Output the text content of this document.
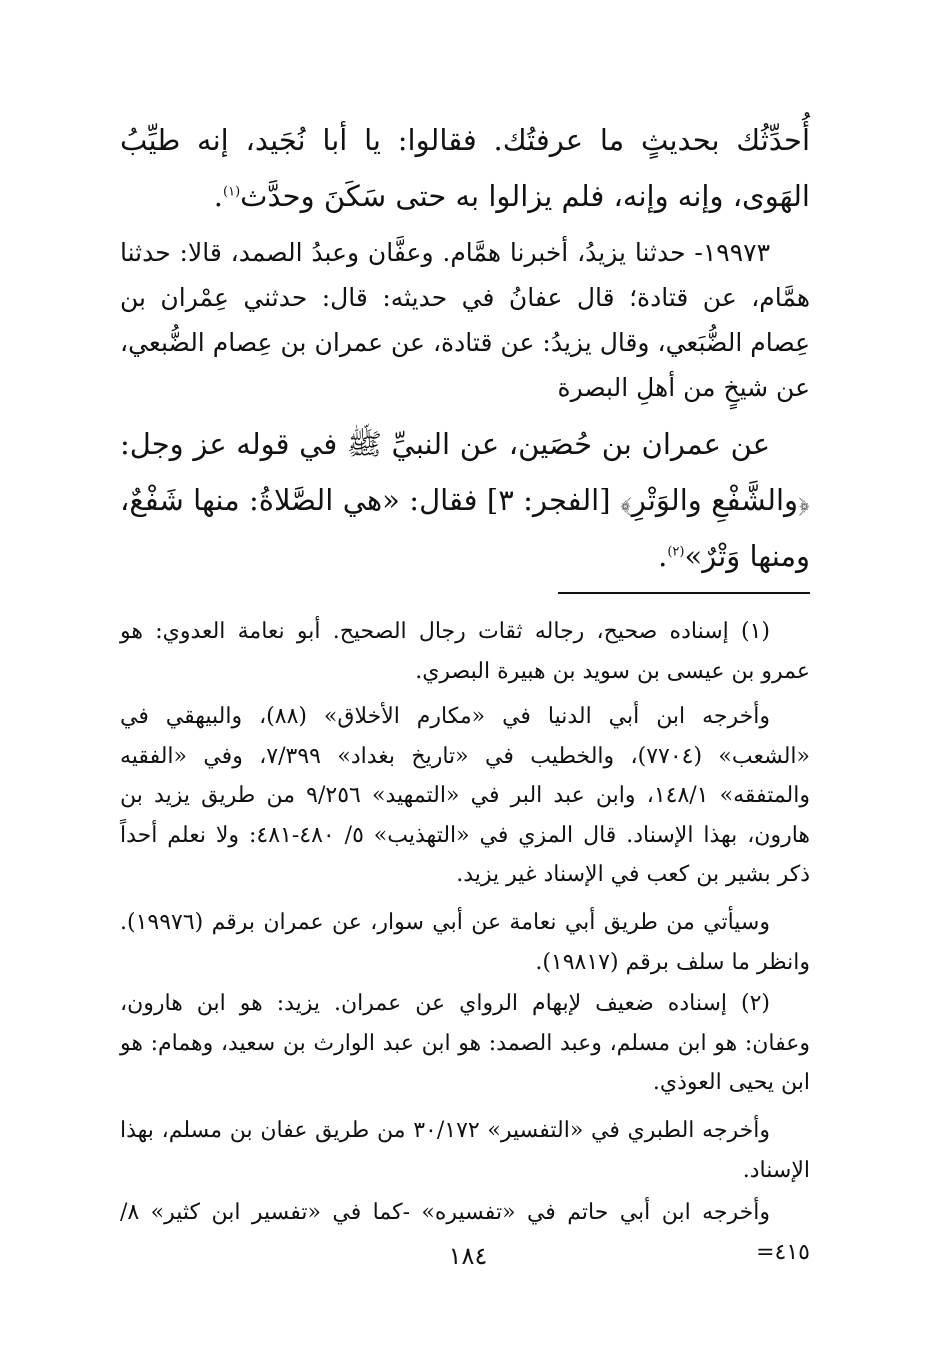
أُحدِّثُك بحديثٍ ما عرفتُك. فقالوا: يا أبا نُجَيد، إنه طيِّبُ الهَوى، وإنه وإنه، فلم يزالوا به حتى سَكَنَ وحدَّث$^{(١)}$.

١٩٩٧٣- حدثنا يزيدُ، أخبرنا همَّام. وعفَّان وعبدُ الصمد، قالا: حدثنا همَّام، عن قتادة؛ قال عفانُ في حديثه: قال: حدثني عِمْران بن عِصام الضُّبَعي، وقال يزيدُ: عن قتادة، عن عمران بن عِصام الضُّبعي، عن شيخٍ من أهلِ البصرة

عن عمران بن حُصَين، عن النبيِّ ﷺ في قوله عز وجل: ﴿والشَّفْعِ والوَتْرِ﴾ [الفجر: ٣] فقال: «هي الصَّلاةُ: منها شَفْعٌ، ومنها وَتْرٌ»$^{(٢)}$.

(١) إسناده صحيح، رجاله ثقات رجال الصحيح. أبو نعامة العدوي: هو عمرو بن عيسى بن سويد بن هبيرة البصري.

وأخرجه ابن أبي الدنيا في «مكارم الأخلاق» (٨٨)، والبيهقي في «الشعب» (٧٧٠٤)، والخطيب في «تاريخ بغداد» ٧/٣٩٩، وفي «الفقيه والمتفقه» ١٤٨/١، وابن عبد البر في «التمهيد» ٩/٢٥٦ من طريق يزيد بن هارون، بهذا الإسناد. قال المزي في «التهذيب» ٥/ ٤٨٠-٤٨١: ولا نعلم أحداً ذكر بشير بن كعب في الإسناد غير يزيد.

وسيأتي من طريق أبي نعامة عن أبي سوار، عن عمران برقم (١٩٩٧٦). وانظر ما سلف برقم (١٩٨١٧).

(٢) إسناده ضعيف لإبهام الرواي عن عمران. يزيد: هو ابن هارون، وعفان: هو ابن مسلم، وعبد الصمد: هو ابن عبد الوارث بن سعيد، وهمام: هو ابن يحيى العوذي.

وأخرجه الطبري في «التفسير» ٣٠/١٧٢ من طريق عفان بن مسلم، بهذا الإسناد.

وأخرجه ابن أبي حاتم في «تفسيره» -كما في «تفسير ابن كثير» ٨/ ٤١٥=

١٨٤
